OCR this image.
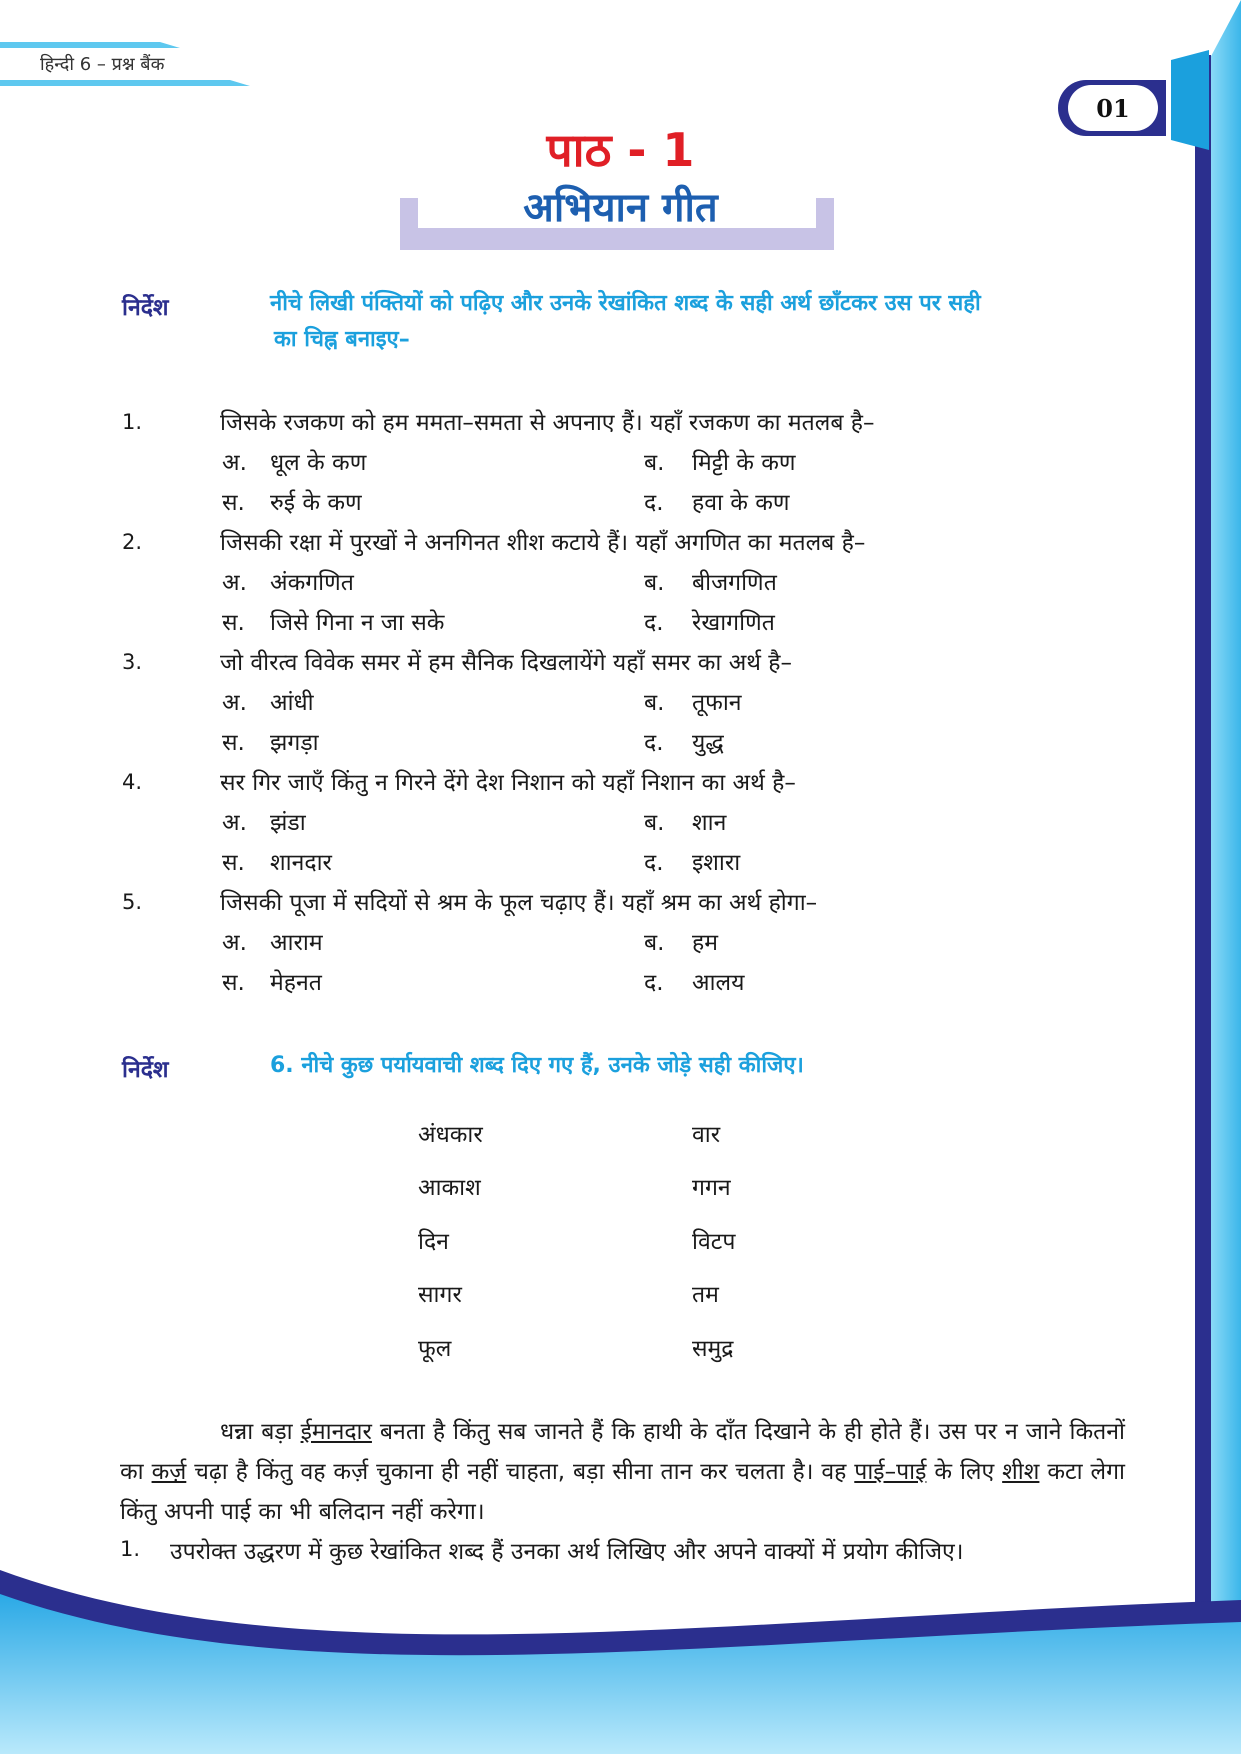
हिन्दी 6 – प्रश्न बैंक
01
पाठ - 1
अभियान गीत
निर्देश	नीचे लिखी पंक्तियों को पढ़िए और उनके रेखांकित शब्द के सही अर्थ छाँटकर उस पर सही
का चिह्न बनाइए–
1.	जिसके रजकण को हम ममता–समता से अपनाए हैं। यहाँ रजकण का मतलब है–
अ. धूल के कण	ब. मिट्टी के कण
स. रुई के कण	द. हवा के कण
2.	जिसकी रक्षा में पुरखों ने अनगिनत शीश कटाये हैं। यहाँ अगणित का मतलब है–
अ. अंकगणित	ब. बीजगणित
स. जिसे गिना न जा सके	द. रेखागणित
3.	जो वीरत्व विवेक समर में हम सैनिक दिखलायेंगे यहाँ समर का अर्थ है–
अ. आंधी	ब. तूफान
स. झगड़ा	द. युद्ध
4.	सर गिर जाएँ किंतु न गिरने देंगे देश निशान को यहाँ निशान का अर्थ है–
अ. झंडा	ब. शान
स. शानदार	द. इशारा
5.	जिसकी पूजा में सदियों से श्रम के फूल चढ़ाए हैं। यहाँ श्रम का अर्थ होगा–
अ. आराम	ब. हम
स. मेहनत	द. आलय
निर्देश	6. नीचे कुछ पर्यायवाची शब्द दिए गए हैं, उनके जोड़े सही कीजिए।
अंधकार	वार
आकाश	गगन
दिन	विटप
सागर	तम
फूल	समुद्र
धन्ना बड़ा ईमानदार बनता है किंतु सब जानते हैं कि हाथी के दाँत दिखाने के ही होते हैं। उस पर न जाने कितनों का कर्ज़ चढ़ा है किंतु वह कर्ज़ चुकाना ही नहीं चाहता, बड़ा सीना तान कर चलता है। वह पाई–पाई के लिए शीश कटा लेगा किंतु अपनी पाई का भी बलिदान नहीं करेगा।
1. उपरोक्त उद्धरण में कुछ रेखांकित शब्द हैं उनका अर्थ लिखिए और अपने वाक्यों में प्रयोग कीजिए।
